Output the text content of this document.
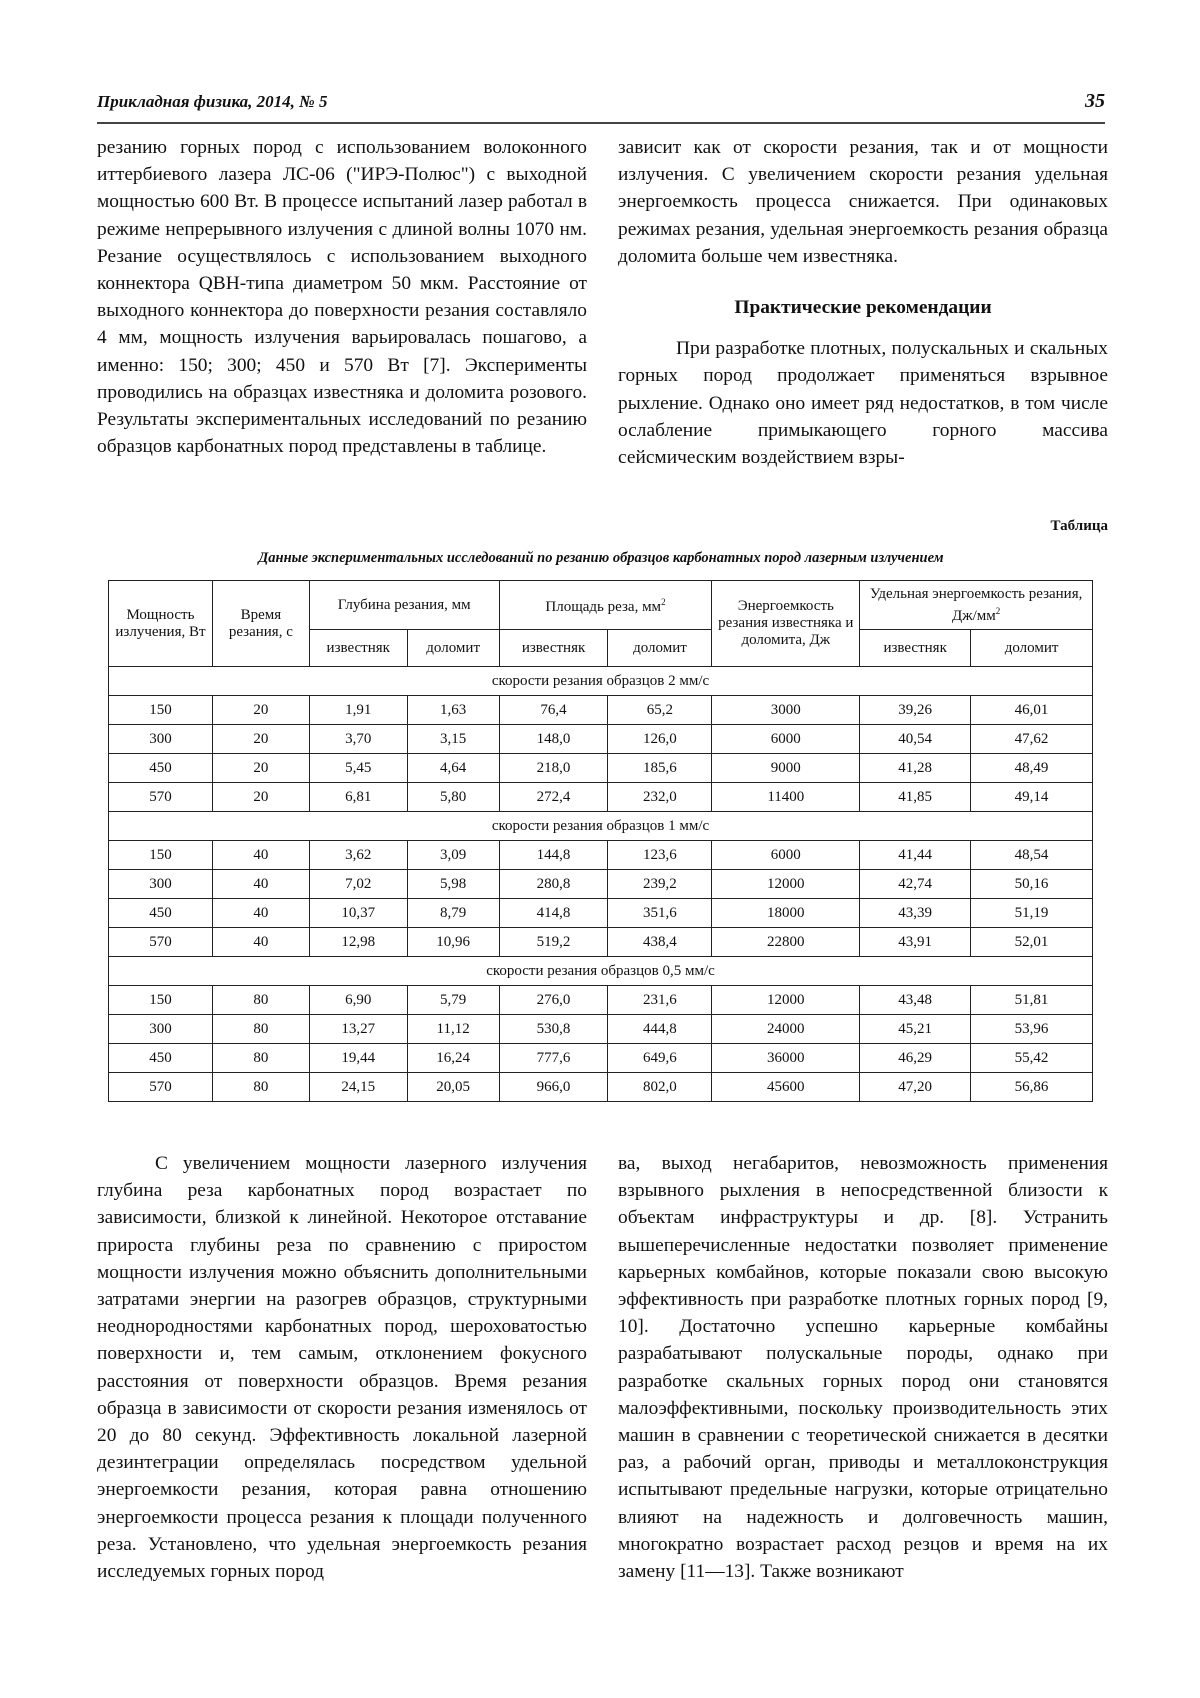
Прикладная физика, 2014, № 5	35

резанию горных пород с использованием волоконного иттербиевого лазера ЛС-06 ("ИРЭ-Полюс") с выходной мощностью 600 Вт. В процессе испытаний лазер работал в режиме непрерывного излучения с длиной волны 1070 нм. Резание осуществлялось с использованием выходного коннектора QBH-типа диаметром 50 мкм. Расстояние от выходного коннектора до поверхности резания составляло 4 мм, мощность излучения варьировалась пошагово, а именно: 150; 300; 450 и 570 Вт [7]. Эксперименты проводились на образцах известняка и доломита розового. Результаты экспериментальных исследований по резанию образцов карбонатных пород представлены в таблице.

зависит как от скорости резания, так и от мощности излучения. С увеличением скорости резания удельная энергоемкость процесса снижается. При одинаковых режимах резания, удельная энергоемкость резания образца доломита больше чем известняка.

Практические рекомендации

При разработке плотных, полускальных и скальных горных пород продолжает применяться взрывное рыхление. Однако оно имеет ряд недостатков, в том числе ослабление примыкающего горного массива сейсмическим воздействием взры-

Таблица
Данные экспериментальных исследований по резанию образцов карбонатных пород лазерным излучением
Мощность излучения, Вт	Время резания, с	Глубина резания, мм		Площадь реза, $мм^2$		Энергоемкость резания известняка и доломита, Дж	Удельная энергоемкость резания, $Дж/мм^2$
		известняк	доломит	известняк	доломит		известняк	доломит
скорости резания образцов 2 мм/с								
150	20	1,91	1,63	76,4	65,2	3000	39,26	46,01
300	20	3,70	3,15	148,0	126,0	6000	40,54	47,62
450	20	5,45	4,64	218,0	185,6	9000	41,28	48,49
570	20	6,81	5,80	272,4	232,0	11400	41,85	49,14
скорости резания образцов 1 мм/с								
150	40	3,62	3,09	144,8	123,6	6000	41,44	48,54
300	40	7,02	5,98	280,8	239,2	12000	42,74	50,16
450	40	10,37	8,79	414,8	351,6	18000	43,39	51,19
570	40	12,98	10,96	519,2	438,4	22800	43,91	52,01
скорости резания образцов 0,5 мм/с								
150	80	6,90	5,79	276,0	231,6	12000	43,48	51,81
300	80	13,27	11,12	530,8	444,8	24000	45,21	53,96
450	80	19,44	16,24	777,6	649,6	36000	46,29	55,42
570	80	24,15	20,05	966,0	802,0	45600	47,20	56,86

С увеличением мощности лазерного излучения глубина реза карбонатных пород возрастает по зависимости, близкой к линейной. Некоторое отставание прироста глубины реза по сравнению с приростом мощности излучения можно объяснить дополнительными затратами энергии на разогрев образцов, структурными неоднородностями карбонатных пород, шероховатостью поверхности и, тем самым, отклонением фокусного расстояния от поверхности образцов. Время резания образца в зависимости от скорости резания изменялось от 20 до 80 секунд. Эффективность локальной лазерной дезинтеграции определялась посредством удельной энергоемкости резания, которая равна отношению энергоемкости процесса резания к площади полученного реза. Установлено, что удельная энергоемкость резания исследуемых горных пород

ва, выход негабаритов, невозможность применения взрывного рыхления в непосредственной близости к объектам инфраструктуры и др. [8]. Устранить вышеперечисленные недостатки позволяет применение карьерных комбайнов, которые показали свою высокую эффективность при разработке плотных горных пород [9, 10]. Достаточно успешно карьерные комбайны разрабатывают полускальные породы, однако при разработке скальных горных пород они становятся малоэффективными, поскольку производительность этих машин в сравнении с теоретической снижается в десятки раз, а рабочий орган, приводы и металлоконструкция испытывают предельные нагрузки, которые отрицательно влияют на надежность и долговечность машин, многократно возрастает расход резцов и время на их замену [11—13]. Также возникают
